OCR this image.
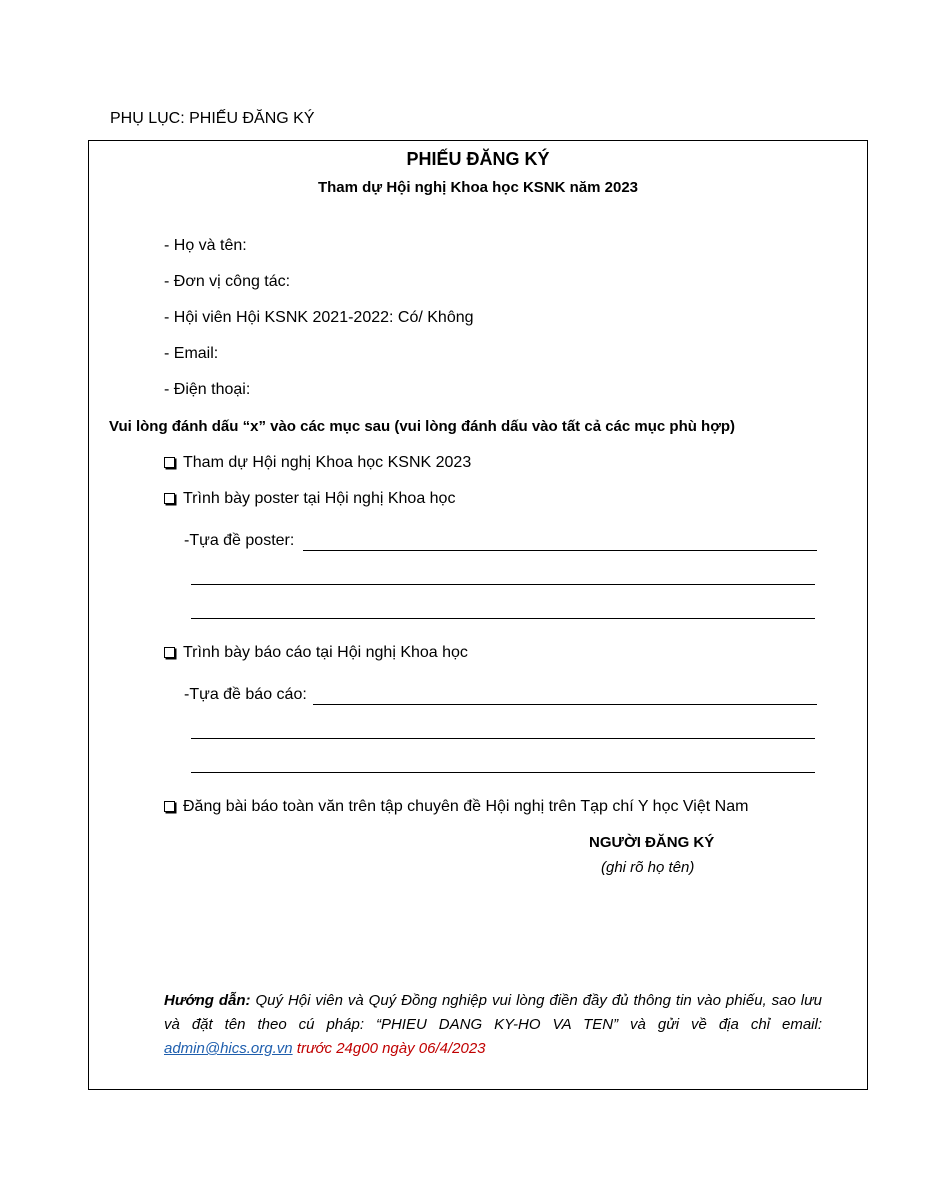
PHỤ LỤC: PHIẾU ĐĂNG KÝ
PHIẾU ĐĂNG KÝ
Tham dự Hội nghị Khoa học KSNK năm 2023
- Họ và tên:
- Đơn vị công tác:
- Hội viên Hội KSNK 2021-2022: Có/ Không
- Email:
- Điện thoại:
Vui lòng đánh dấu “x” vào các mục sau (vui lòng đánh dấu vào tất cả các mục phù hợp)
Tham dự Hội nghị Khoa học KSNK 2023
Trình bày poster tại Hội nghị Khoa học
-Tựa đề poster:
Trình bày báo cáo tại Hội nghị Khoa học
-Tựa đề báo cáo:
Đăng bài báo toàn văn trên tập chuyên đề Hội nghị trên Tạp chí Y học Việt Nam
NGƯỜI ĐĂNG KÝ
(ghi rõ họ tên)
Hướng dẫn: Quý Hội viên và Quý Đồng nghiệp vui lòng điền đầy đủ thông tin vào phiếu, sao lưu và đặt tên theo cú pháp: “PHIEU DANG KY-HO VA TEN” và gửi về địa chỉ email: admin@hics.org.vn trước 24g00 ngày 06/4/2023
